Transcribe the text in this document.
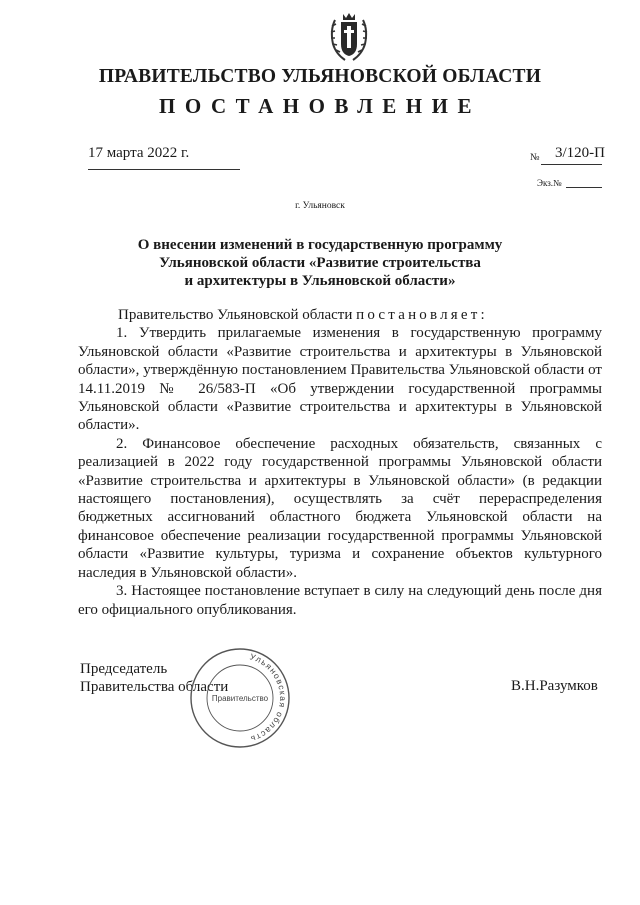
ПРАВИТЕЛЬСТВО УЛЬЯНОВСКОЙ ОБЛАСТИ
ПОСТАНОВЛЕНИЕ
17 марта 2022 г.	№ 3/120-П
Экз.№
г. Ульяновск
О внесении изменений в государственную программу
Ульяновской области «Развитие строительства
и архитектуры в Ульяновской области»

Правительство Ульяновской области постановляет:

1. Утвердить прилагаемые изменения в государственную программу Ульяновской области «Развитие строительства и архитектуры в Ульяновской области», утверждённую постановлением Правительства Ульяновской области от 14.11.2019 № 26/583-П «Об утверждении государственной программы Ульяновской области «Развитие строительства и архитектуры в Ульяновской области».

2. Финансовое обеспечение расходных обязательств, связанных с реализацией в 2022 году государственной программы Ульяновской области «Развитие строительства и архитектуры в Ульяновской области» (в редакции настоящего постановления), осуществлять за счёт перераспределения бюджетных ассигнований областного бюджета Ульяновской области на финансовое обеспечение реализации государственной программы Ульяновской области «Развитие культуры, туризма и сохранение объектов культурного наследия в Ульяновской области».

3. Настоящее постановление вступает в силу на следующий день после дня его официального опубликования.

Председатель
Правительства области	В.Н.Разумков
Ульяновская область
Правительство
